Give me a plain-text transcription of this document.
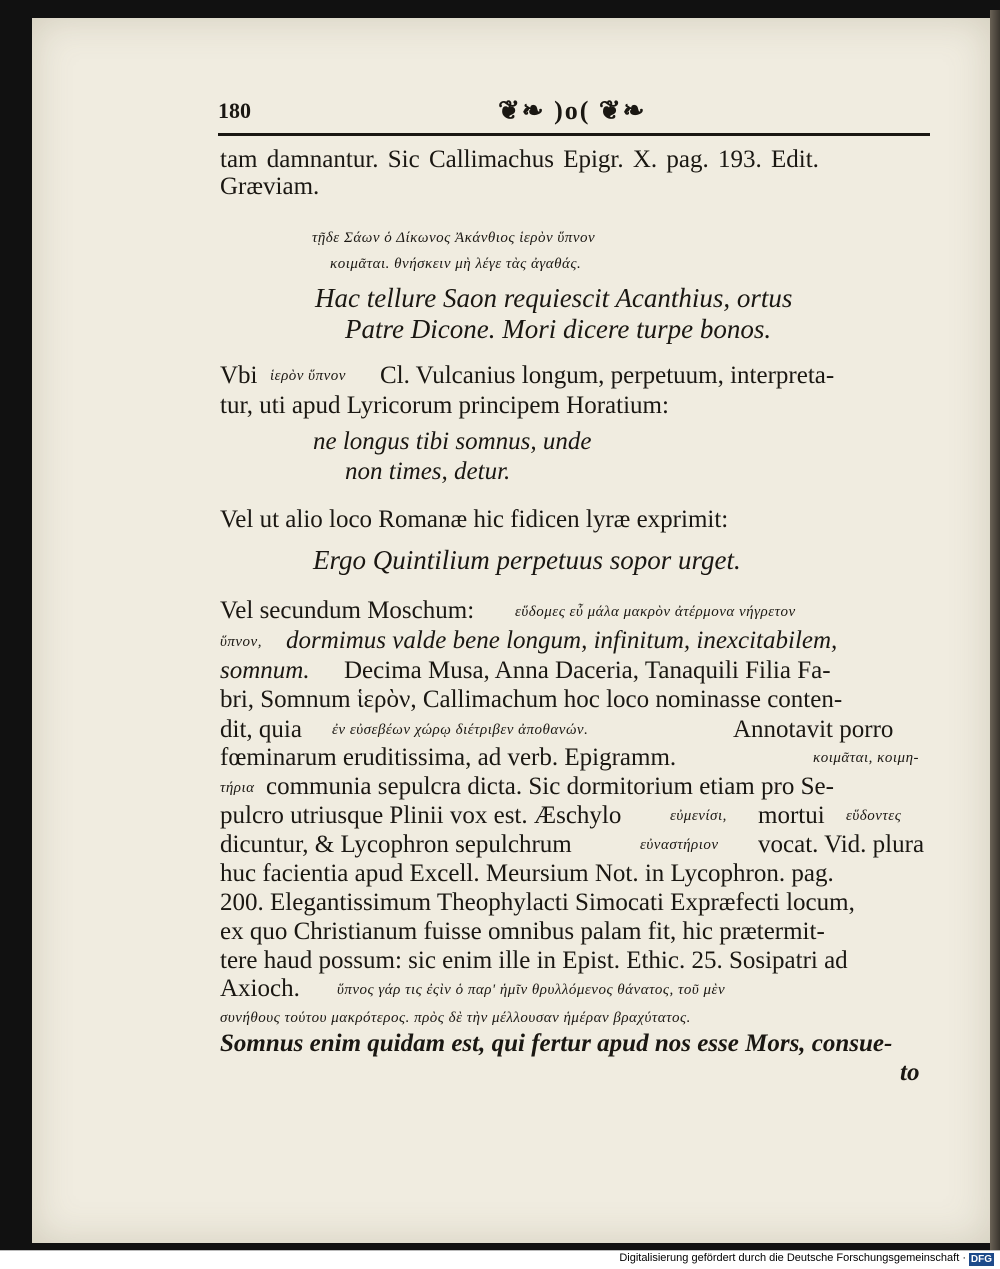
180	❦❧ )o( ❦❧
tam damnantur. Sic Callimachus Epigr. X. pag. 193. Edit.
Græviam.
τῇδε Σάων ὁ Δίκωνος Ἀκάνθιος ἱερὸν ὕπνον
κοιμᾶται. θνήσκειν μὴ λέγε τὰς ἀγαθάς.
Hac tellure Saon requiescit Acanthius, ortus
Patre Dicone. Mori dicere turpe bonos.
Vbi ἱερὸν ὕπνον Cl. Vulcanius longum, perpetuum, interpreta-
tur, uti apud Lyricorum principem Horatium:
ne longus tibi somnus, unde
non times, detur.
Vel ut alio loco Romanæ hic fidicen lyræ exprimit:
Ergo Quintilium perpetuus sopor urget.
Vel secundum Moschum:	εὕδομες εὖ μάλα μακρὸν ἀτέρμονα νήγρετον
ὕπνον, dormimus valde bene longum, infinitum, inexcitabilem,
somnum. Decima Musa, Anna Daceria, Tanaquili Filia Fa-
bri, Somnum ἱερὸν, Callimachum hoc loco nominasse conten-
dit, quia ἐν εὐσεβέων χώρῳ διέτριβεν ἀποθανών.	Annotavit porro
fœminarum eruditissima, ad verb. Epigramm.	κοιμᾶται, κοιμη-
τήρια communia sepulcra dicta. Sic dormitorium etiam pro Se-
pulcro utriusque Plinii vox est. Æschylo	εὐμενίσι, mortui εὕδοντες
dicuntur, & Lycophron sepulchrum	εὐναστήριον vocat. Vid. plura
huc facientia apud Excell. Meursium Not. in Lycophron. pag.
200. Elegantissimum Theophylacti Simocati Expræfecti locum,
ex quo Christianum fuisse omnibus palam fit, hic prætermit-
tere haud possum: sic enim ille in Epist. Ethic. 25. Sosipatri ad
Axioch. ὕπνος γάρ τις ἐςὶν ὁ παρ' ἡμῖν θρυλλόμενος θάνατος, τοῦ μὲν
συνήθους τούτου μακρότερος. πρὸς δὲ τὴν μέλλουσαν ἡμέραν βραχύτατος.
Somnus enim quidam est, qui fertur apud nos esse Mors, consue-
to
Digitalisierung gefördert durch die Deutsche Forschungsgemeinschaft · DFG
